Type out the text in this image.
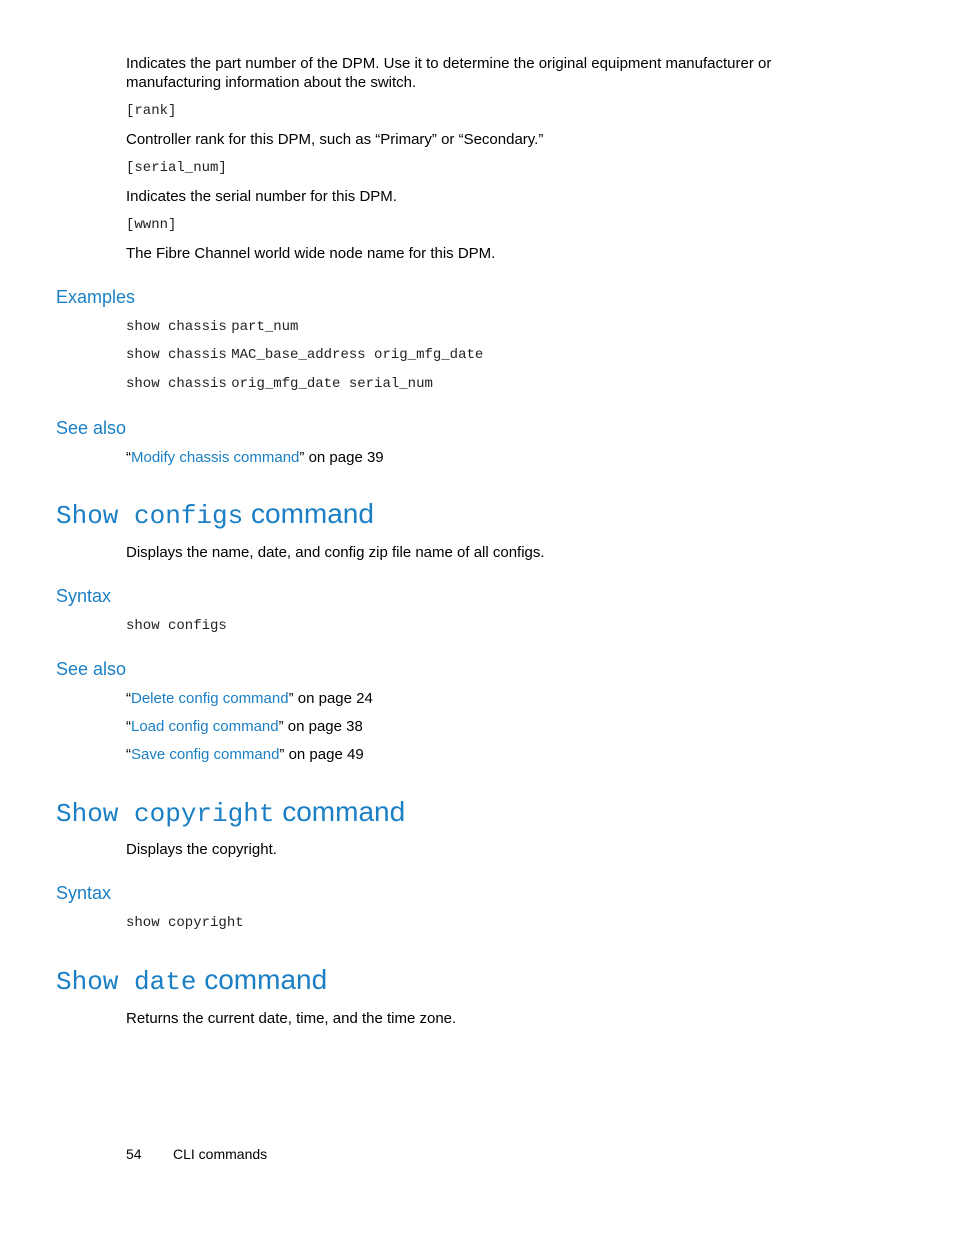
Indicates the part number of the DPM. Use it to determine the original equipment manufacturer or
manufacturing information about the switch.
[rank]
Controller rank for this DPM, such as “Primary” or “Secondary.”
[serial_num]
Indicates the serial number for this DPM.
[wwnn]
The Fibre Channel world wide node name for this DPM.
Examples
show chassis part_num
show chassis MAC_base_address orig_mfg_date
show chassis orig_mfg_date serial_num
See also
“Modify chassis command” on page 39
Show configs command
Displays the name, date, and config zip file name of all configs.
Syntax
show configs
See also
“Delete config command” on page 24
“Load config command” on page 38
“Save config command” on page 49
Show copyright command
Displays the copyright.
Syntax
show copyright
Show date command
Returns the current date, time, and the time zone.
54 CLI commands
